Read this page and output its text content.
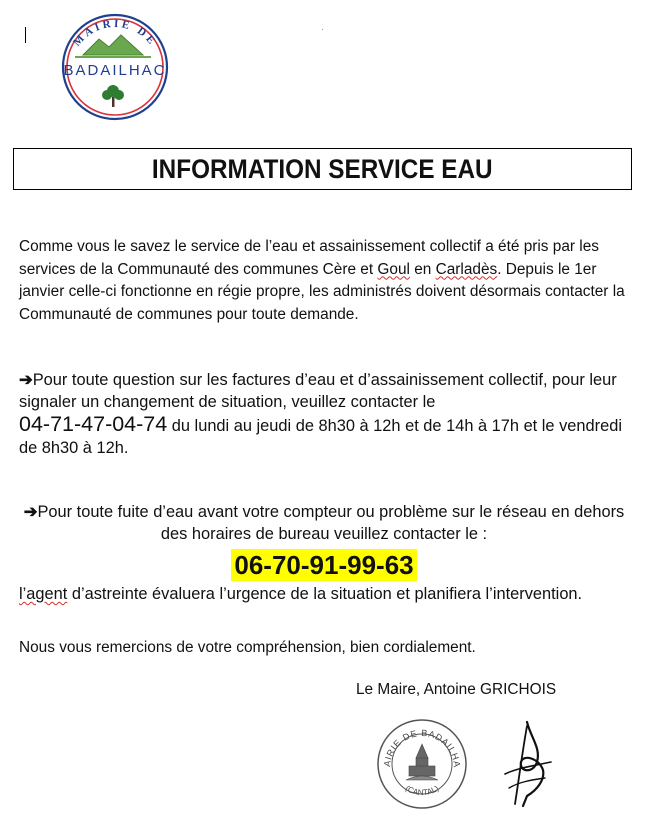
MAIRIE DE
BADAILHAC
INFORMATION SERVICE EAU
Comme vous le savez le service de l’eau et assainissement collectif a été pris par les services de la Communauté des communes Cère et Goul en Carladès. Depuis le 1er janvier celle-ci fonctionne en régie propre, les administrés doivent désormais contacter la Communauté de communes pour toute demande.
➔Pour toute question sur les factures d’eau et d’assainissement collectif, pour leur signaler un changement de situation, veuillez contacter le
04-71-47-04-74 du lundi au jeudi de 8h30 à 12h et de 14h à 17h et le vendredi de 8h30 à 12h.
➔Pour toute fuite d’eau avant votre compteur ou problème sur le réseau en dehors des horaires de bureau veuillez contacter le :
06-70-91-99-63
l’agent d’astreinte évaluera l’urgence de la situation et planifiera l’intervention.
Nous vous remercions de votre compréhension, bien cordialement.
Le Maire, Antoine GRICHOIS
AIRIE DE BADAILHA
(CANTAL)
